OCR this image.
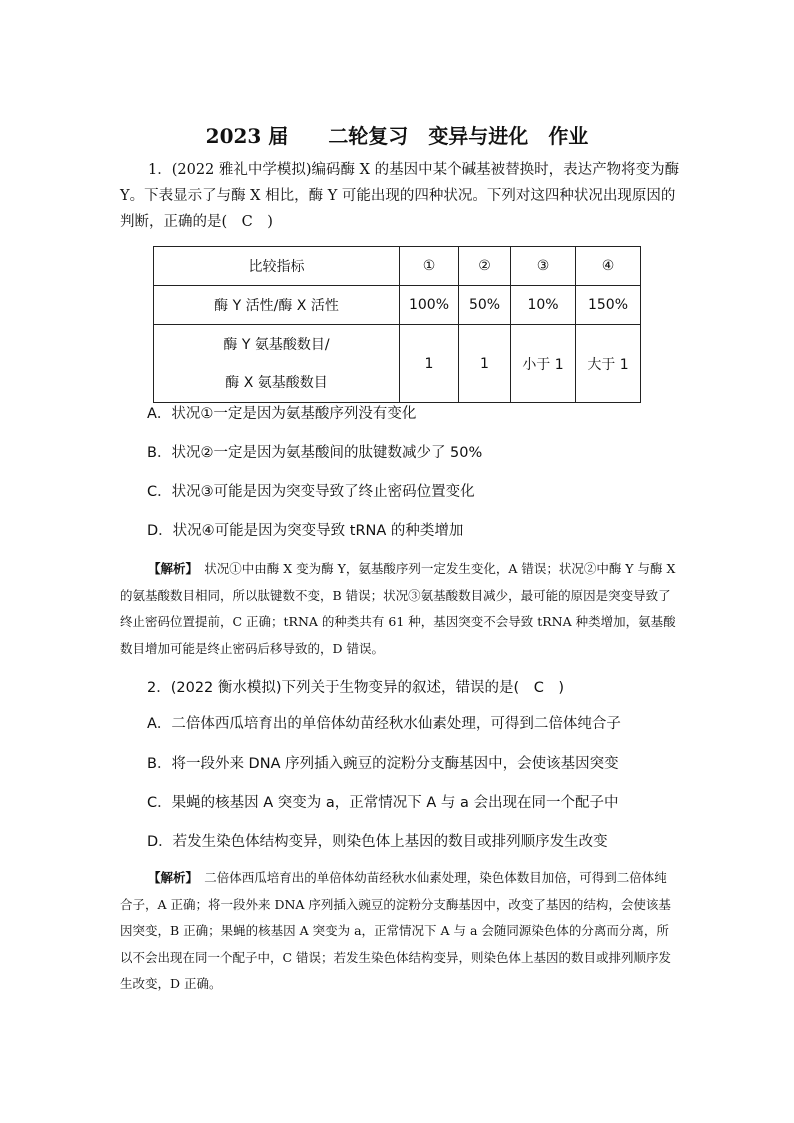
2023 届 二轮复习 变异与进化 作业
1．(2022 雅礼中学模拟)编码酶 X 的基因中某个碱基被替换时，表达产物将变为酶 Y。下表显示了与酶 X 相比，酶 Y 可能出现的四种状况。下列对这四种状况出现原因的判断，正确的是(　C　)
比较指标	①	②	③	④
酶 Y 活性/酶 X 活性	100%	50%	10%	150%

酶 Y 氨基酸数目/
酶 X 氨基酸数目	1	1	小于 1	大于 1
A．状况①一定是因为氨基酸序列没有变化
B．状况②一定是因为氨基酸间的肽键数减少了 50%
C．状况③可能是因为突变导致了终止密码位置变化
D．状况④可能是因为突变导致 tRNA 的种类增加
【解析】　状况①中由酶 X 变为酶 Y，氨基酸序列一定发生变化，A 错误；状况②中酶 Y 与酶 X 的氨基酸数目相同，所以肽键数不变，B 错误；状况③氨基酸数目减少，最可能的原因是突变导致了终止密码位置提前，C 正确；tRNA 的种类共有 61 种，基因突变不会导致 tRNA 种类增加，氨基酸数目增加可能是终止密码后移导致的，D 错误。
2．(2022 衡水模拟)下列关于生物变异的叙述，错误的是(　C　)
A．二倍体西瓜培育出的单倍体幼苗经秋水仙素处理，可得到二倍体纯合子
B．将一段外来 DNA 序列插入豌豆的淀粉分支酶基因中，会使该基因突变
C．果蝇的核基因 A 突变为 a，正常情况下 A 与 a 会出现在同一个配子中
D．若发生染色体结构变异，则染色体上基因的数目或排列顺序发生改变
【解析】　二倍体西瓜培育出的单倍体幼苗经秋水仙素处理，染色体数目加倍，可得到二倍体纯合子，A 正确；将一段外来 DNA 序列插入豌豆的淀粉分支酶基因中，改变了基因的结构，会使该基因突变，B 正确；果蝇的核基因 A 突变为 a，正常情况下 A 与 a 会随同源染色体的分离而分离，所以不会出现在同一个配子中，C 错误；若发生染色体结构变异，则染色体上基因的数目或排列顺序发生改变，D 正确。
